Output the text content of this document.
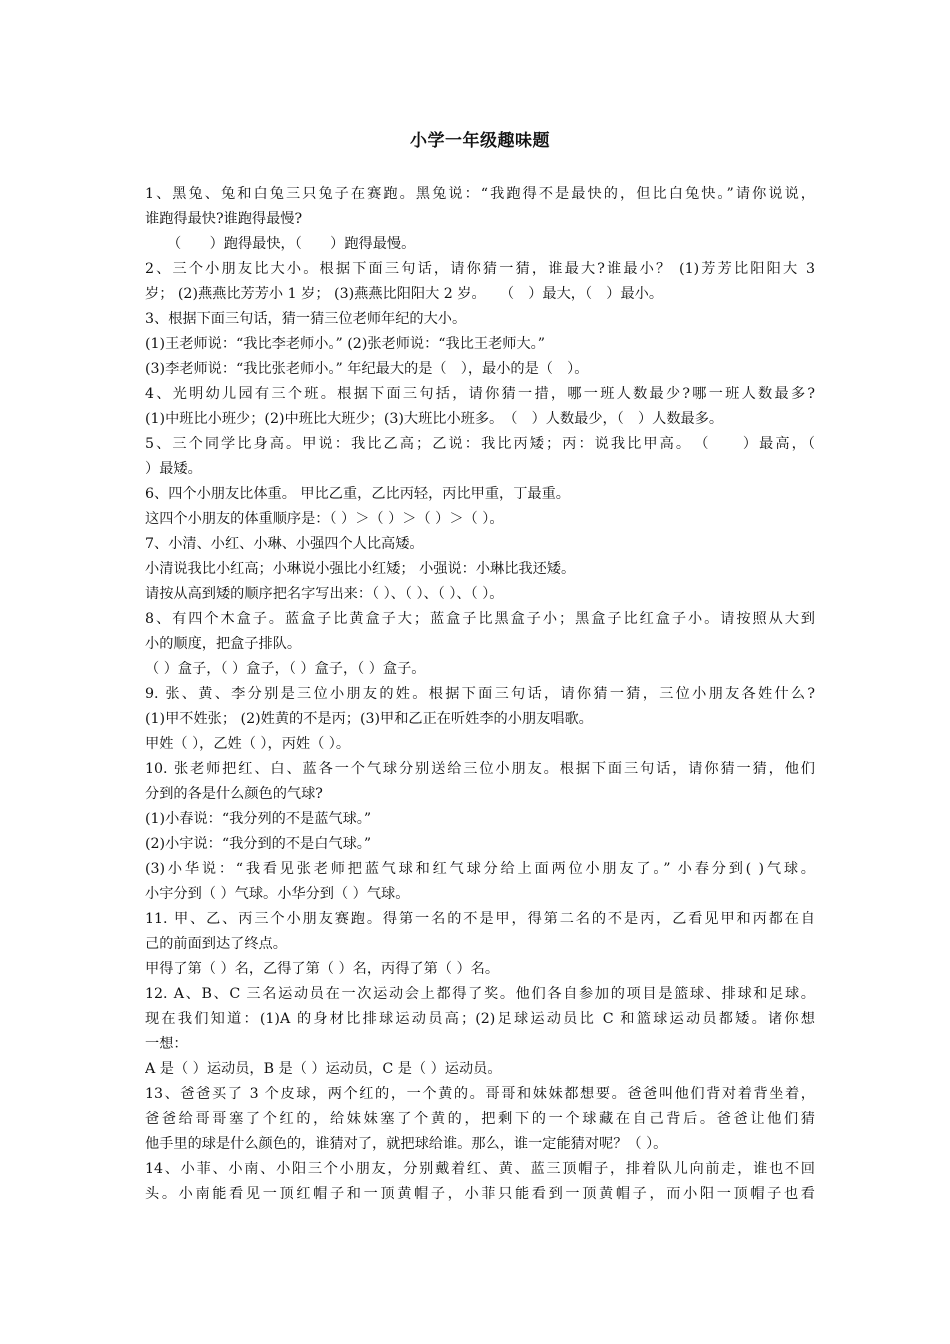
小学一年级趣味题
1、黑兔、兔和白兔三只兔子在赛跑。黑兔说：“我跑得不是最快的，但比白兔快。”请你说说，
谁跑得最快?谁跑得最慢?
（　　）跑得最快，（　　）跑得最慢。
2、三个小朋友比大小。根据下面三句话，请你猜一猜，谁最大?谁最小？ (1)芳芳比阳阳大 3
岁； (2)燕燕比芳芳小 1 岁； (3)燕燕比阳阳大 2 岁。　　（　）最大，（　）最小。
3、根据下面三句话，猜一猜三位老师年纪的大小。
(1)王老师说：“我比李老师小。” (2)张老师说：“我比王老师大。”
(3)李老师说：“我比张老师小。” 年纪最大的是（　），最小的是（　）。
4、光明幼儿园有三个班。根据下面三句括，请你猜一措，哪一班人数最少?哪一班人数最多?
(1)中班比小班少；(2)中班比大班少；(3)大班比小班多。　（　）人数最少，（　）人数最多。
5、三个同学比身高。甲说：我比乙高；乙说：我比丙矮；丙：说我比甲高。　（　　）最高，（
）最矮。
6、四个小朋友比体重。 甲比乙重，乙比丙轻，丙比甲重，丁最重。
这四个小朋友的体重顺序是：（ ）＞（ ）＞（ ）＞（ ）。
7、小清、小红、小琳、小强四个人比高矮。
小清说我比小红高；小琳说小强比小红矮； 小强说：小琳比我还矮。
请按从高到矮的顺序把名字写出来：（ ）、（ ）、（ ）、（ ）。
8、有四个木盒子。蓝盒子比黄盒子大；蓝盒子比黑盒子小；黑盒子比红盒子小。请按照从大到
小的顺度，把盒子排队。
（ ）盒子，（ ）盒子，（ ）盒子，（ ）盒子。
9. 张、黄、李分别是三位小朋友的姓。根据下面三句话，请你猜一猜，三位小朋友各姓什么?
(1)甲不姓张； (2)姓黄的不是丙；(3)甲和乙正在听姓李的小朋友唱歌。
甲姓（ ），乙姓（ ），丙姓（ ）。
10. 张老师把红、白、蓝各一个气球分别送给三位小朋友。根据下面三句话，请你猜一猜，他们
分到的各是什么颜色的气球?
(1)小春说：“我分列的不是蓝气球。”
(2)小宇说：“我分到的不是白气球。”
(3)小华说：“我看见张老师把蓝气球和红气球分给上面两位小朋友了。” 小春分到( )气球。
小宇分到（ ）气球。小华分到（ ）气球。
11. 甲、乙、丙三个小朋友赛跑。得第一名的不是甲，得第二名的不是丙，乙看见甲和丙都在自
己的前面到达了终点。
甲得了第（ ）名，乙得了第（ ）名，丙得了第（ ）名。
12. A、B、C 三名运动员在一次运动会上都得了奖。他们各自参加的项目是篮球、排球和足球。
现在我们知道：(1)A 的身材比排球运动员高；(2)足球运动员比 C 和篮球运动员都矮。诸你想
一想：
A 是（ ）运动员，B 是（ ）运动员，C 是（ ）运动员。
13、爸爸买了 3 个皮球，两个红的，一个黄的。哥哥和妹妹都想要。爸爸叫他们背对着背坐着，
爸爸给哥哥塞了个红的，给妹妹塞了个黄的，把剩下的一个球藏在自己背后。爸爸让他们猜
他手里的球是什么颜色的，谁猜对了，就把球给谁。那么，谁一定能猜对呢？（ ）。
14、小菲、小南、小阳三个小朋友，分别戴着红、黄、蓝三顶帽子，排着队儿向前走，谁也不回
头。小南能看见一顶红帽子和一顶黄帽子，小菲只能看到一顶黄帽子，而小阳一顶帽子也看
